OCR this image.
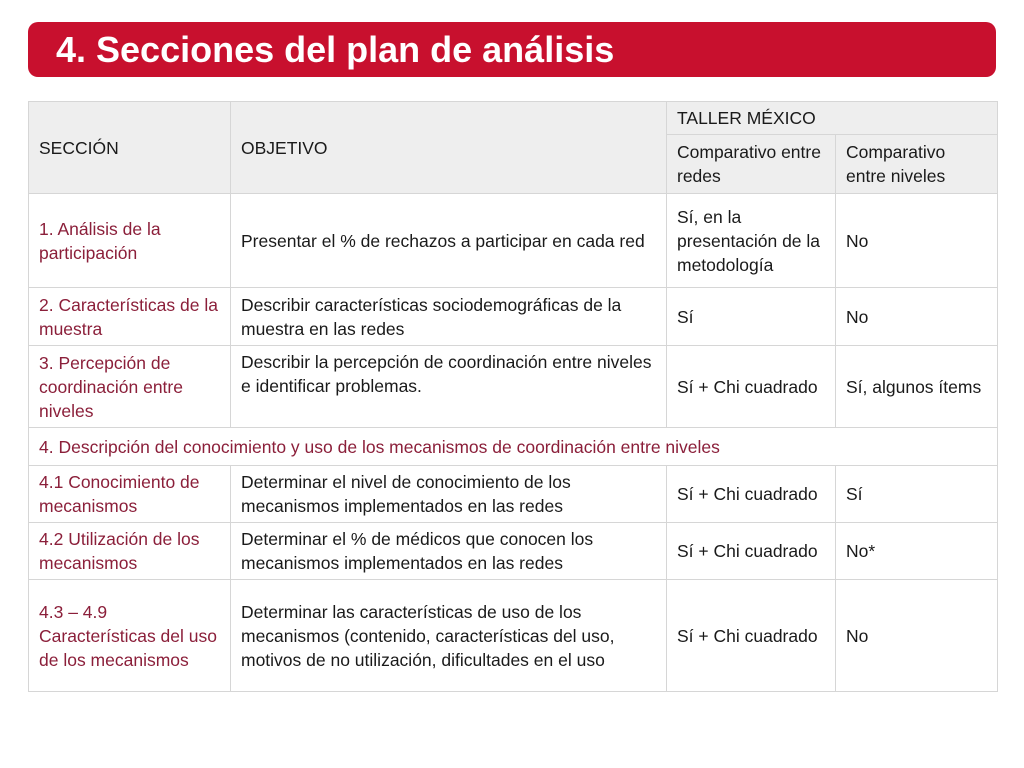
4. Secciones del plan de análisis
SECCIÓN	OBJETIVO	TALLER MÉXICO	
		Comparativo entre redes	Comparativo entre niveles
1. Análisis de la participación	Presentar el % de rechazos a participar en cada red	Sí, en la presentación de la metodología	No
2. Características de la muestra	Describir características sociodemográficas de la muestra en las redes	Sí	No
3. Percepción de coordinación entre niveles	Describir la percepción de coordinación entre niveles e identificar problemas.	Sí + Chi cuadrado	Sí, algunos ítems
4. Descripción del conocimiento y uso de los mecanismos de coordinación entre niveles			
4.1 Conocimiento de mecanismos	Determinar el nivel de conocimiento de los mecanismos implementados en las redes	Sí + Chi cuadrado	Sí
4.2 Utilización de los mecanismos	Determinar el % de médicos que conocen los mecanismos implementados en las redes	Sí + Chi cuadrado	No*
4.3 – 4.9 Características del uso de los mecanismos	Determinar las características de uso de los mecanismos (contenido, características del uso, motivos de no utilización, dificultades en el uso	Sí + Chi cuadrado	No
